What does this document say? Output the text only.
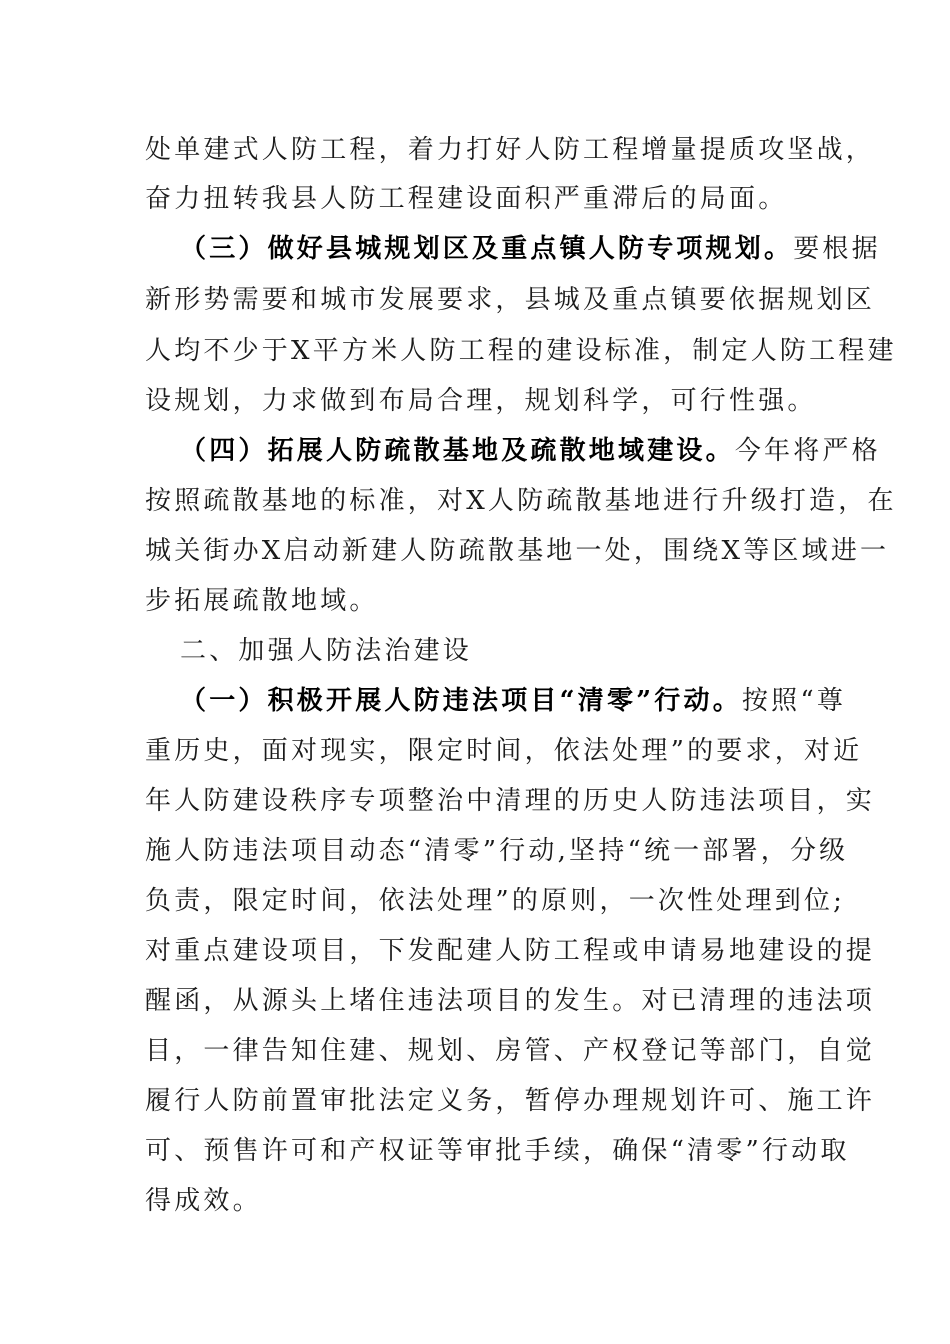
处单建式人防工程，着力打好人防工程增量提质攻坚战，
奋力扭转我县人防工程建设面积严重滞后的局面。
（三）做好县城规划区及重点镇人防专项规划。要根据
新形势需要和城市发展要求，县城及重点镇要依据规划区
人均不少于X平方米人防工程的建设标准，制定人防工程建
设规划，力求做到布局合理，规划科学，可行性强。
（四）拓展人防疏散基地及疏散地域建设。今年将严格
按照疏散基地的标准，对X人防疏散基地进行升级打造，在
城关街办X启动新建人防疏散基地一处，围绕X等区域进一
步拓展疏散地域。
二、加强人防法治建设
（一）积极开展人防违法项目“清零”行动。按照“尊
重历史，面对现实，限定时间，依法处理”的要求，对近
年人防建设秩序专项整治中清理的历史人防违法项目，实
施人防违法项目动态“清零”行动,坚持“统一部署，分级
负责，限定时间，依法处理”的原则，一次性处理到位;
对重点建设项目，下发配建人防工程或申请易地建设的提
醒函，从源头上堵住违法项目的发生。对已清理的违法项
目，一律告知住建、规划、房管、产权登记等部门，自觉
履行人防前置审批法定义务，暂停办理规划许可、施工许
可、预售许可和产权证等审批手续，确保“清零”行动取
得成效。
